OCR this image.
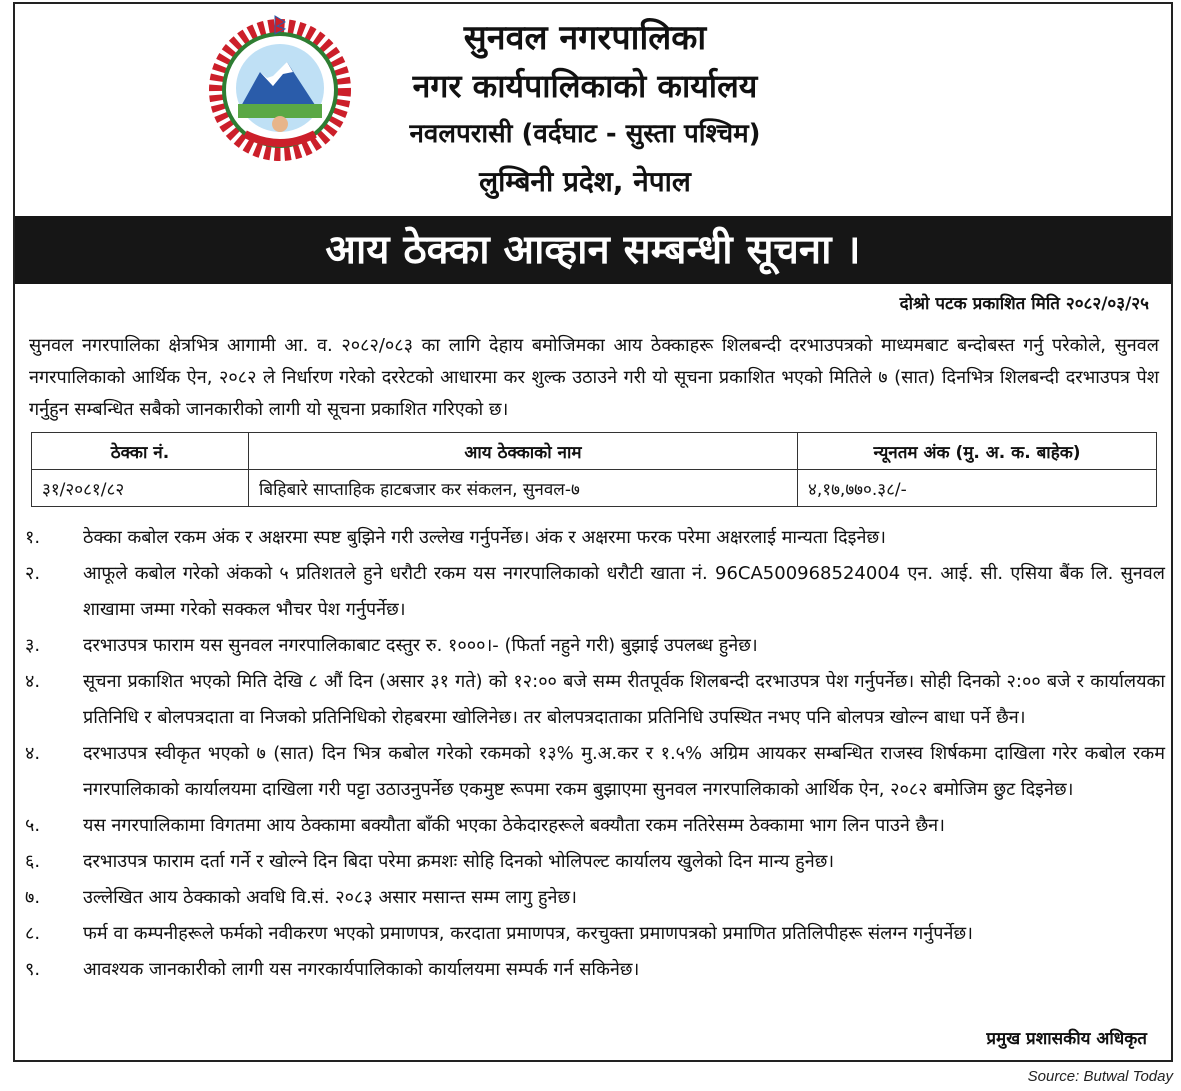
सुनवल नगरपालिका
नगर कार्यपालिकाको कार्यालय
नवलपरासी (वर्दघाट - सुस्ता पश्चिम)
लुम्बिनी प्रदेश, नेपाल
आय ठेक्का आव्हान सम्बन्धी सूचना ।
दोश्रो पटक प्रकाशित मिति २०८२/०३/२५
सुनवल नगरपालिका क्षेत्रभित्र आगामी आ. व. २०८२/०८३ का लागि देहाय बमोजिमका आय ठेक्काहरू शिलबन्दी दरभाउपत्रको माध्यमबाट बन्दोबस्त गर्नु परेकोले, सुनवल नगरपालिकाको आर्थिक ऐन, २०८२ ले निर्धारण गरेको दररेटको आधारमा कर शुल्क उठाउने गरी यो सूचना प्रकाशित भएको मितिले ७ (सात) दिनभित्र शिलबन्दी दरभाउपत्र पेश गर्नुहुन सम्बन्धित सबैको जानकारीको लागी यो सूचना प्रकाशित गरिएको छ।
ठेक्का नं.	आय ठेक्काको नाम	न्यूनतम अंक (मु. अ. क. बाहेक)
३१/२०८१/८२	बिहिबारे साप्ताहिक हाटबजार कर संकलन, सुनवल-७	४,१७,७७०.३८/-
१.	ठेक्का कबोल रकम अंक र अक्षरमा स्पष्ट बुझिने गरी उल्लेख गर्नुपर्नेछ। अंक र अक्षरमा फरक परेमा अक्षरलाई मान्यता दिइनेछ।
२.	आफूले कबोल गरेको अंकको ५ प्रतिशतले हुने धरौटी रकम यस नगरपालिकाको धरौटी खाता नं. 96CA500968524004 एन. आई. सी. एसिया बैंक लि. सुनवल शाखामा जम्मा गरेको सक्कल भौचर पेश गर्नुपर्नेछ।
३.	दरभाउपत्र फाराम यस सुनवल नगरपालिकाबाट दस्तुर रु. १०००।- (फिर्ता नहुने गरी) बुझाई उपलब्ध हुनेछ।
४.	सूचना प्रकाशित भएको मिति देखि ८ औं दिन (असार ३१ गते) को १२:०० बजे सम्म रीतपूर्वक शिलबन्दी दरभाउपत्र पेश गर्नुपर्नेछ। सोही दिनको २:०० बजे र कार्यालयका प्रतिनिधि र बोलपत्रदाता वा निजको प्रतिनिधिको रोहबरमा खोलिनेछ। तर बोलपत्रदाताका प्रतिनिधि उपस्थित नभए पनि बोलपत्र खोल्न बाधा पर्ने छैन।
४.	दरभाउपत्र स्वीकृत भएको ७ (सात) दिन भित्र कबोल गरेको रकमको १३% मु.अ.कर र १.५% अग्रिम आयकर सम्बन्धित राजस्व शिर्षकमा दाखिला गरेर कबोल रकम नगरपालिकाको कार्यालयमा दाखिला गरी पट्टा उठाउनुपर्नेछ एकमुष्ट रूपमा रकम बुझाएमा सुनवल नगरपालिकाको आर्थिक ऐन, २०८२ बमोजिम छुट दिइनेछ।
५.	यस नगरपालिकामा विगतमा आय ठेक्कामा बक्यौता बाँकी भएका ठेकेदारहरूले बक्यौता रकम नतिरेसम्म ठेक्कामा भाग लिन पाउने छैन।
६.	दरभाउपत्र फाराम दर्ता गर्ने र खोल्ने दिन बिदा परेमा क्रमशः सोहि दिनको भोलिपल्ट कार्यालय खुलेको दिन मान्य हुनेछ।
७.	उल्लेखित आय ठेक्काको अवधि वि.सं. २०८३ असार मसान्त सम्म लागु हुनेछ।
८.	फर्म वा कम्पनीहरूले फर्मको नवीकरण भएको प्रमाणपत्र, करदाता प्रमाणपत्र, करचुक्ता प्रमाणपत्रको प्रमाणित प्रतिलिपीहरू संलग्न गर्नुपर्नेछ।
९.	आवश्यक जानकारीको लागी यस नगरकार्यपालिकाको कार्यालयमा सम्पर्क गर्न सकिनेछ।
प्रमुख प्रशासकीय अधिकृत
Source: Butwal Today
